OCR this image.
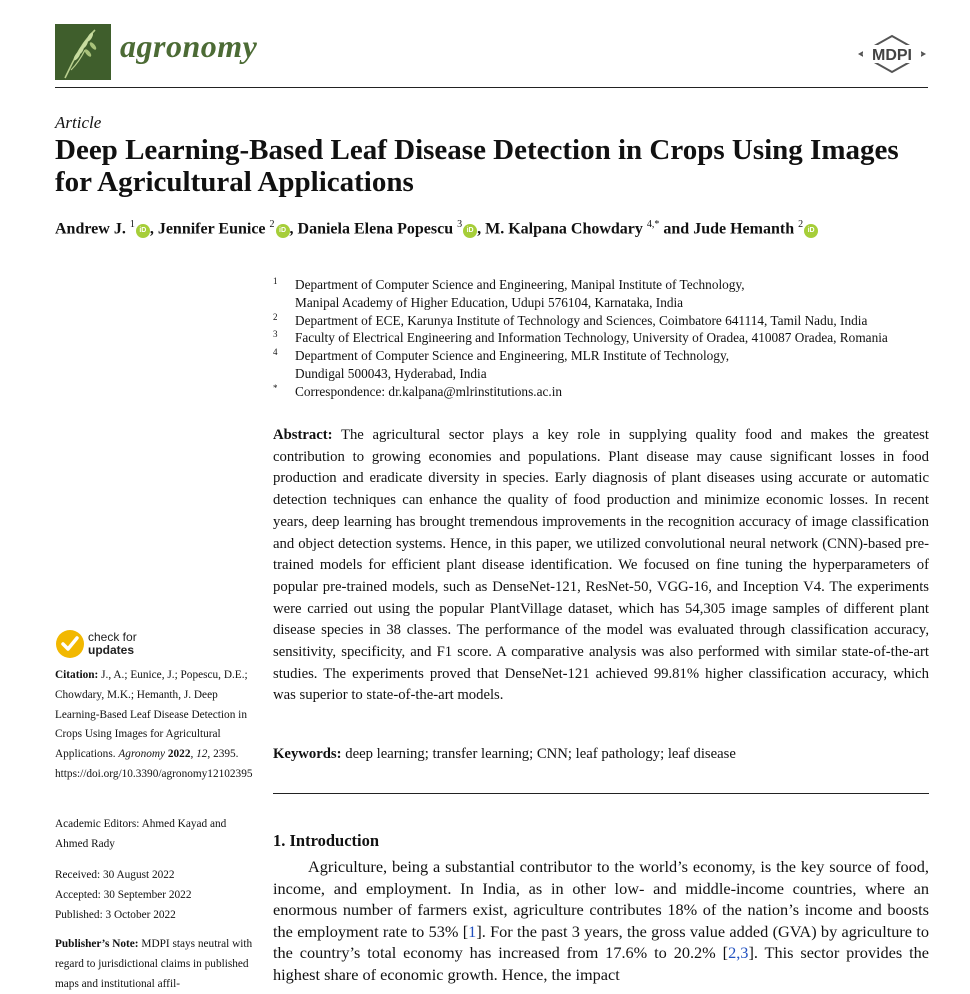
agronomy	MDPI
Article
Deep Learning-Based Leaf Disease Detection in Crops Using Images for Agricultural Applications
Andrew J. $^1$iD , Jennifer Eunice $^2$iD , Daniela Elena Popescu $^3$iD , M. Kalpana Chowdary $^{4,*}$ and Jude Hemanth $^2$iD
1 Department of Computer Science and Engineering, Manipal Institute of Technology,
Manipal Academy of Higher Education, Udupi 576104, Karnataka, India
2 Department of ECE, Karunya Institute of Technology and Sciences, Coimbatore 641114, Tamil Nadu, India
3 Faculty of Electrical Engineering and Information Technology, University of Oradea, 410087 Oradea, Romania
4 Department of Computer Science and Engineering, MLR Institute of Technology,
Dundigal 500043, Hyderabad, India
* Correspondence: dr.kalpana@mlrinstitutions.ac.in
Abstract: The agricultural sector plays a key role in supplying quality food and makes the greatest contribution to growing economies and populations. Plant disease may cause significant losses in food production and eradicate diversity in species. Early diagnosis of plant diseases using accurate or automatic detection techniques can enhance the quality of food production and minimize economic losses. In recent years, deep learning has brought tremendous improvements in the recognition accuracy of image classification and object detection systems. Hence, in this paper, we utilized convolutional neural network (CNN)-based pre-trained models for efficient plant disease identification. We focused on fine tuning the hyperparameters of popular pre-trained models, such as DenseNet-121, ResNet-50, VGG-16, and Inception V4. The experiments were carried out using the popular PlantVillage dataset, which has 54,305 image samples of different plant disease species in 38 classes. The performance of the model was evaluated through classification accuracy, sensitivity, specificity, and F1 score. A comparative analysis was also performed with similar state-of-the-art studies. The experiments proved that DenseNet-121 achieved 99.81% higher classification accuracy, which was superior to state-of-the-art models.
Keywords: deep learning; transfer learning; CNN; leaf pathology; leaf disease
check for
updates
Citation: J., A.; Eunice, J.; Popescu, D.E.; Chowdary, M.K.; Hemanth, J. Deep Learning-Based Leaf Disease Detection in Crops Using Images for Agricultural Applications. Agronomy 2022, 12, 2395. https://doi.org/10.3390/agronomy12102395
Academic Editors: Ahmed Kayad and Ahmed Rady
Received: 30 August 2022
Accepted: 30 September 2022
Published: 3 October 2022
Publisher’s Note: MDPI stays neutral with regard to jurisdictional claims in published maps and institutional affil-
1. Introduction
Agriculture, being a substantial contributor to the world’s economy, is the key source of food, income, and employment. In India, as in other low- and middle-income countries, where an enormous number of farmers exist, agriculture contributes 18% of the nation’s income and boosts the employment rate to 53% [1]. For the past 3 years, the gross value added (GVA) by agriculture to the country’s total economy has increased from 17.6% to 20.2% [2,3]. This sector provides the highest share of economic growth. Hence, the impact
